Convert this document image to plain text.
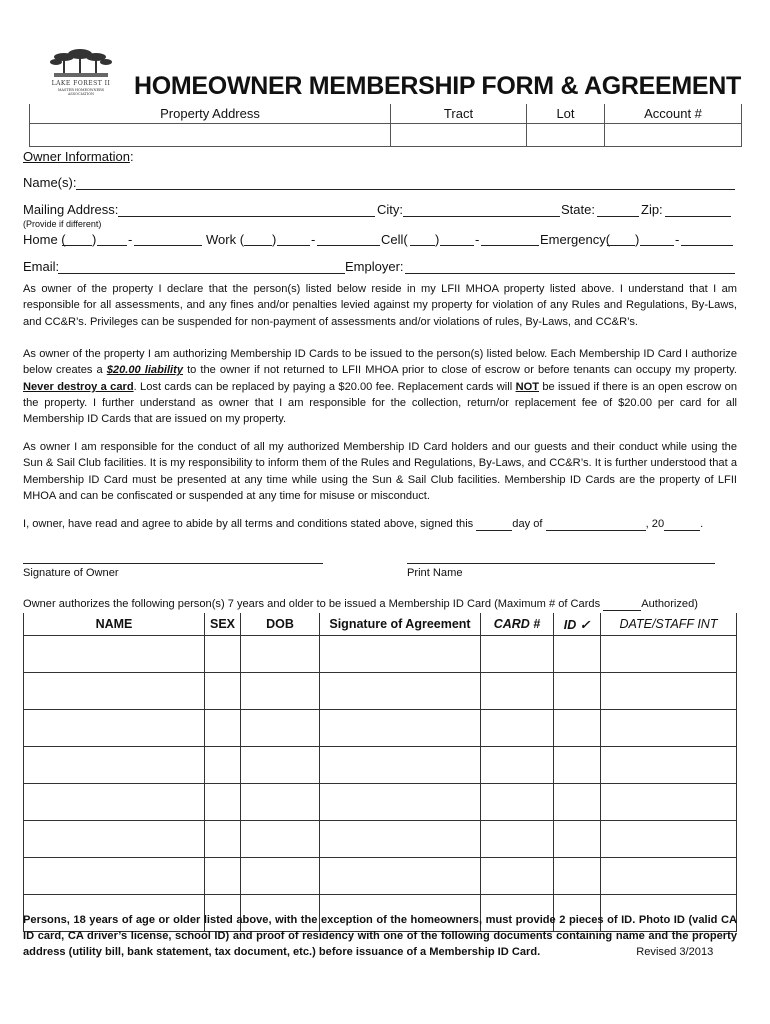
LAKE FOREST II
MASTER HOMEOWNERS ASSOCIATION	HOMEOWNER MEMBERSHIP FORM & AGREEMENT
Property Address	Tract	Lot	Account #

Owner Information:
Name(s):
Mailing Address:	City:	State:	Zip:
(Provide if different)
Home ( ) -	Work ( )	-	Cell( )	-	Emergency( )	-
Email:	Employer:
As owner of the property I declare that the person(s) listed below reside in my LFII MHOA property listed above. I understand that I am responsible for all assessments, and any fines and/or penalties levied against my property for violation of any Rules and Regulations, By-Laws, and CC&R’s. Privileges can be suspended for non-payment of assessments and/or violations of rules, By-Laws, and CC&R’s.
As owner of the property I am authorizing Membership ID Cards to be issued to the person(s) listed below. Each Membership ID Card I authorize below creates a $20.00 liability to the owner if not returned to LFII MHOA prior to close of escrow or before tenants can occupy my property. Never destroy a card. Lost cards can be replaced by paying a $20.00 fee. Replacement cards will NOT be issued if there is an open escrow on the property. I further understand as owner that I am responsible for the collection, return/or replacement fee of $20.00 per card for all Membership ID Cards that are issued on my property.
As owner I am responsible for the conduct of all my authorized Membership ID Card holders and our guests and their conduct while using the Sun & Sail Club facilities. It is my responsibility to inform them of the Rules and Regulations, By-Laws, and CC&R’s. It is further understood that a Membership ID Card must be presented at any time while using the Sun & Sail Club facilities. Membership ID Cards are the property of LFII MHOA and can be confiscated or suspended at any time for misuse or misconduct.
I, owner, have read and agree to abide by all terms and conditions stated above, signed this	day of	, 20	.
Signature of Owner	Print Name
Owner authorizes the following person(s) 7 years and older to be issued a Membership ID Card (Maximum # of Cards	Authorized)
NAME	SEX	DOB	Signature of Agreement	CARD #	ID ✓	DATE/STAFF INT

Persons, 18 years of age or older listed above, with the exception of the homeowners, must provide 2 pieces of ID. Photo ID (valid CA ID card, CA driver’s license, school ID) and proof of residency with one of the following documents containing name and the property address (utility bill, bank statement, tax document, etc.) before issuance of a Membership ID Card.	Revised 3/2013
